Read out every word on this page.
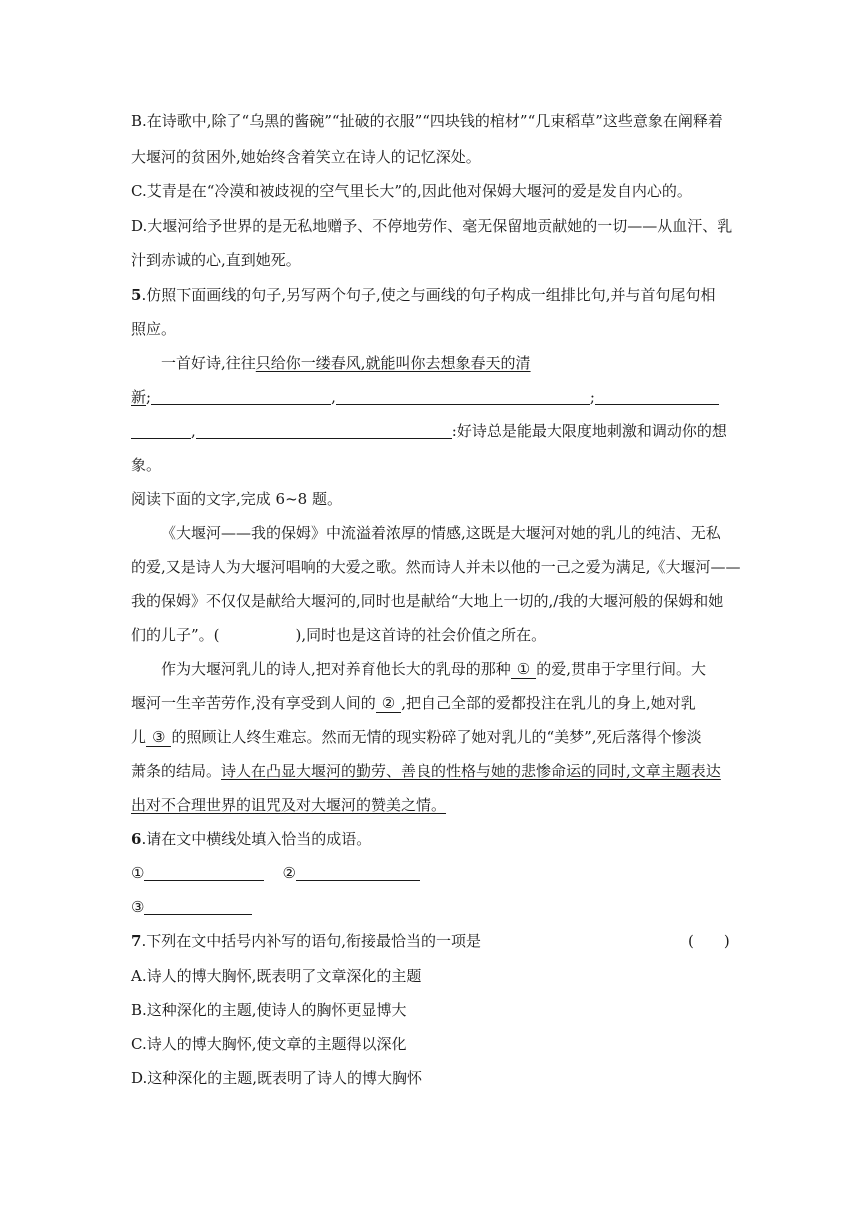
B.在诗歌中,除了“乌黑的酱碗”“扯破的衣服”“四块钱的棺材”“几束稻草”这些意象在阐释着
大堰河的贫困外,她始终含着笑立在诗人的记忆深处。
C.艾青是在“冷漠和被歧视的空气里长大”的,因此他对保姆大堰河的爱是发自内心的。
D.大堰河给予世界的是无私地赠予、不停地劳作、毫无保留地贡献她的一切——从血汗、乳
汁到赤诚的心,直到她死。
5.仿照下面画线的句子,另写两个句子,使之与画线的句子构成一组排比句,并与首句尾句相
照应。
一首好诗,往往只给你一缕春风,就能叫你去想象春天的清
新;	,	;
,	:好诗总是能最大限度地刺激和调动你的想
象。
阅读下面的文字,完成 6~8 题。
《大堰河——我的保姆》中流溢着浓厚的情感,这既是大堰河对她的乳儿的纯洁、无私
的爱,又是诗人为大堰河唱响的大爱之歌。然而诗人并未以他的一己之爱为满足,《大堰河——
我的保姆》不仅仅是献给大堰河的,同时也是献给“大地上一切的,/我的大堰河般的保姆和她
们的儿子”。(	),同时也是这首诗的社会价值之所在。
作为大堰河乳儿的诗人,把对养育他长大的乳母的那种 ① 的爱,贯串于字里行间。大
堰河一生辛苦劳作,没有享受到人间的 ② ,把自己全部的爱都投注在乳儿的身上,她对乳
儿 ③ 的照顾让人终生难忘。然而无情的现实粉碎了她对乳儿的“美梦”,死后落得个惨淡
萧条的结局。诗人在凸显大堰河的勤劳、善良的性格与她的悲惨命运的同时,文章主题表达
出对不合理世界的诅咒及对大堰河的赞美之情。
6.请在文中横线处填入恰当的成语。
①	②
③
7.下列在文中括号内补写的语句,衔接最恰当的一项是	(　　)
A.诗人的博大胸怀,既表明了文章深化的主题
B.这种深化的主题,使诗人的胸怀更显博大
C.诗人的博大胸怀,使文章的主题得以深化
D.这种深化的主题,既表明了诗人的博大胸怀
